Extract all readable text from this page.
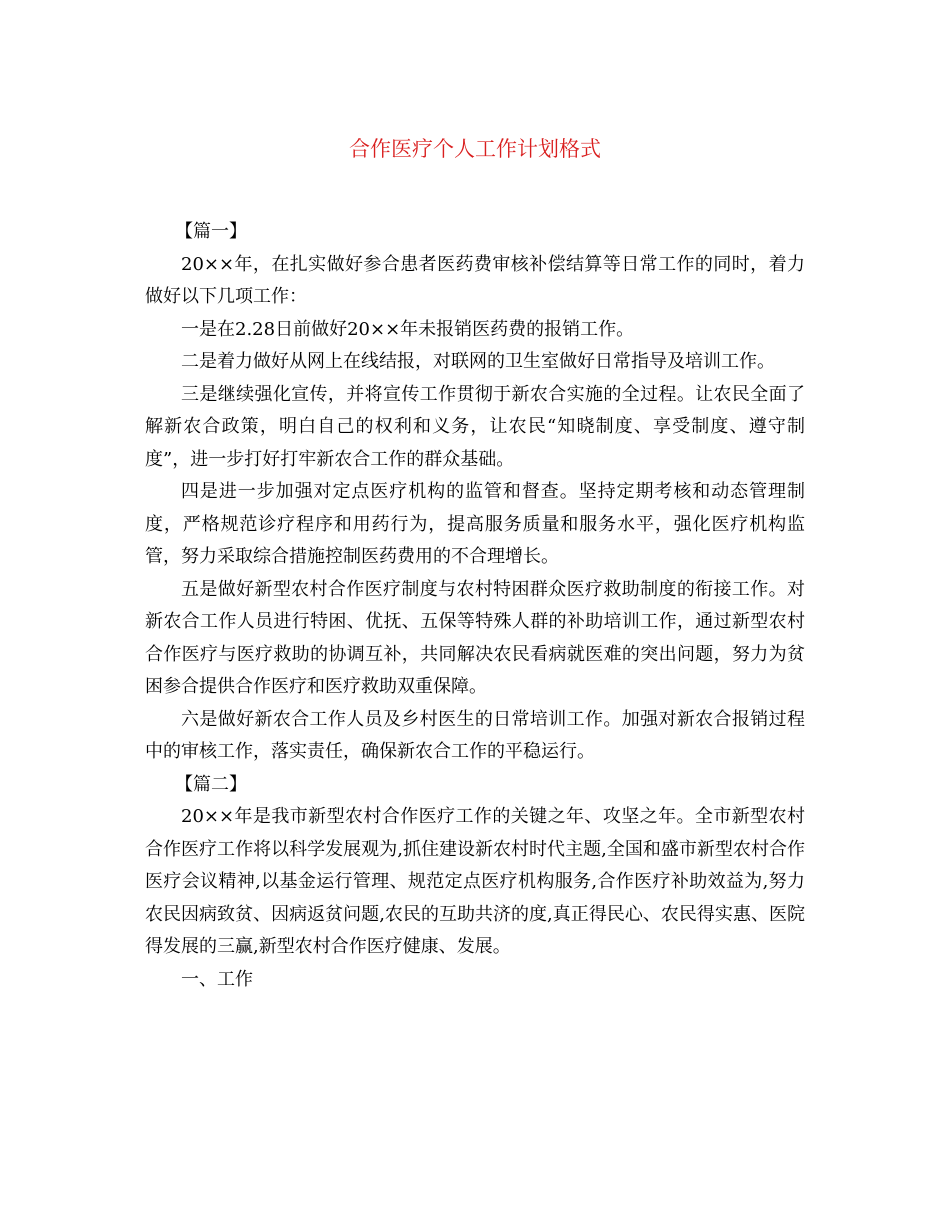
合作医疗个人工作计划格式

【篇一】

20××年，在扎实做好参合患者医药费审核补偿结算等日常工作的同时，着力做好以下几项工作：

一是在2.28日前做好20××年未报销医药费的报销工作。

二是着力做好从网上在线结报，对联网的卫生室做好日常指导及培训工作。

三是继续强化宣传，并将宣传工作贯彻于新农合实施的全过程。让农民全面了解新农合政策，明白自己的权利和义务，让农民“知晓制度、享受制度、遵守制度”，进一步打好打牢新农合工作的群众基础。

四是进一步加强对定点医疗机构的监管和督查。坚持定期考核和动态管理制度，严格规范诊疗程序和用药行为，提高服务质量和服务水平，强化医疗机构监管，努力采取综合措施控制医药费用的不合理增长。

五是做好新型农村合作医疗制度与农村特困群众医疗救助制度的衔接工作。对新农合工作人员进行特困、优抚、五保等特殊人群的补助培训工作，通过新型农村合作医疗与医疗救助的协调互补，共同解决农民看病就医难的突出问题，努力为贫困参合提供合作医疗和医疗救助双重保障。

六是做好新农合工作人员及乡村医生的日常培训工作。加强对新农合报销过程中的审核工作，落实责任，确保新农合工作的平稳运行。

【篇二】

20××年是我市新型农村合作医疗工作的关键之年、攻坚之年。全市新型农村合作医疗工作将以科学发展观为,抓住建设新农村时代主题,全国和盛市新型农村合作医疗会议精神,以基金运行管理、规范定点医疗机构服务,合作医疗补助效益为,努力农民因病致贫、因病返贫问题,农民的互助共济的度,真正得民心、农民得实惠、医院得发展的三赢,新型农村合作医疗健康、发展。

一、工作
